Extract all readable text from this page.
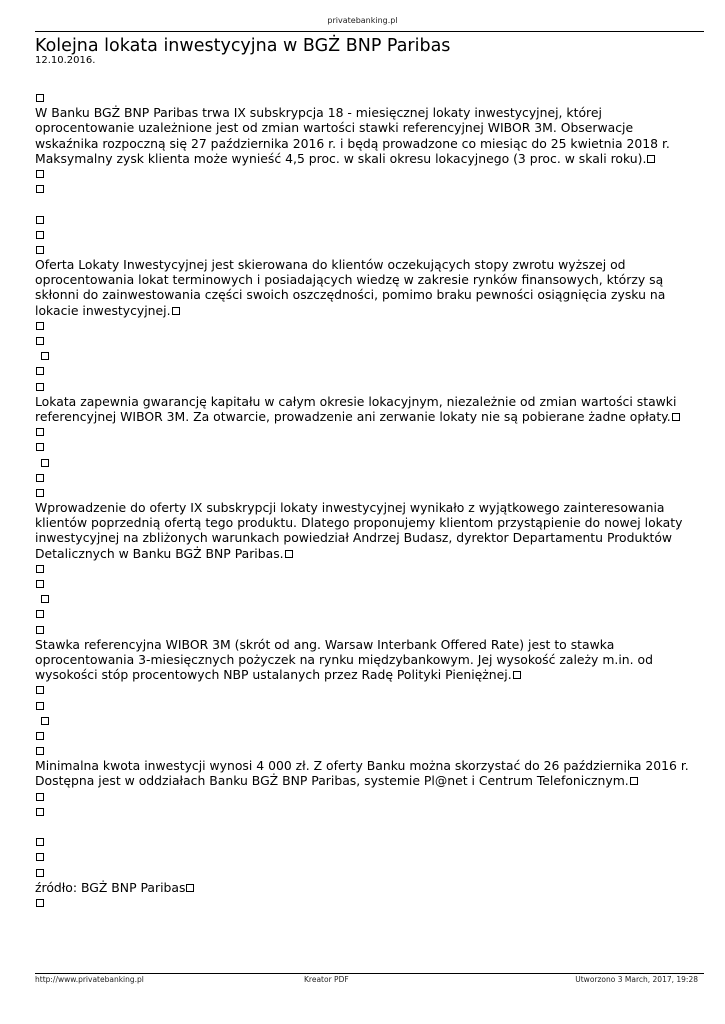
privatebanking.pl
Kolejna lokata inwestycyjna w BGŻ BNP Paribas
12.10.2016.
W Banku BGŻ BNP Paribas trwa IX subskrypcja 18 - miesięcznej lokaty inwestycyjnej, której
oprocentowanie uzależnione jest od zmian wartości stawki referencyjnej WIBOR 3M. Obserwacje
wskaźnika rozpoczną się 27 października 2016 r. i będą prowadzone co miesiąc do 25 kwietnia 2018 r.
Maksymalny zysk klienta może wynieść 4,5 proc. w skali okresu lokacyjnego (3 proc. w skali roku).
Oferta Lokaty Inwestycyjnej jest skierowana do klientów oczekujących stopy zwrotu wyższej od
oprocentowania lokat terminowych i posiadających wiedzę w zakresie rynków finansowych, którzy są
skłonni do zainwestowania części swoich oszczędności, pomimo braku pewności osiągnięcia zysku na
lokacie inwestycyjnej.
Lokata zapewnia gwarancję kapitału w całym okresie lokacyjnym, niezależnie od zmian wartości stawki
referencyjnej WIBOR 3M. Za otwarcie, prowadzenie ani zerwanie lokaty nie są pobierane żadne opłaty.
Wprowadzenie do oferty IX subskrypcji lokaty inwestycyjnej wynikało z wyjątkowego zainteresowania
klientów poprzednią ofertą tego produktu. Dlatego proponujemy klientom przystąpienie do nowej lokaty
inwestycyjnej na zbliżonych warunkach powiedział Andrzej Budasz, dyrektor Departamentu Produktów
Detalicznych w Banku BGŻ BNP Paribas.
Stawka referencyjna WIBOR 3M (skrót od ang. Warsaw Interbank Offered Rate) jest to stawka
oprocentowania 3-miesięcznych pożyczek na rynku międzybankowym. Jej wysokość zależy m.in. od
wysokości stóp procentowych NBP ustalanych przez Radę Polityki Pieniężnej.
Minimalna kwota inwestycji wynosi 4 000 zł. Z oferty Banku można skorzystać do 26 października 2016 r.
Dostępna jest w oddziałach Banku BGŻ BNP Paribas, systemie Pl@net i Centrum Telefonicznym.
źródło: BGŻ BNP Paribas
http://www.privatebanking.pl	Kreator PDF	Utworzono 3 March, 2017, 19:28
